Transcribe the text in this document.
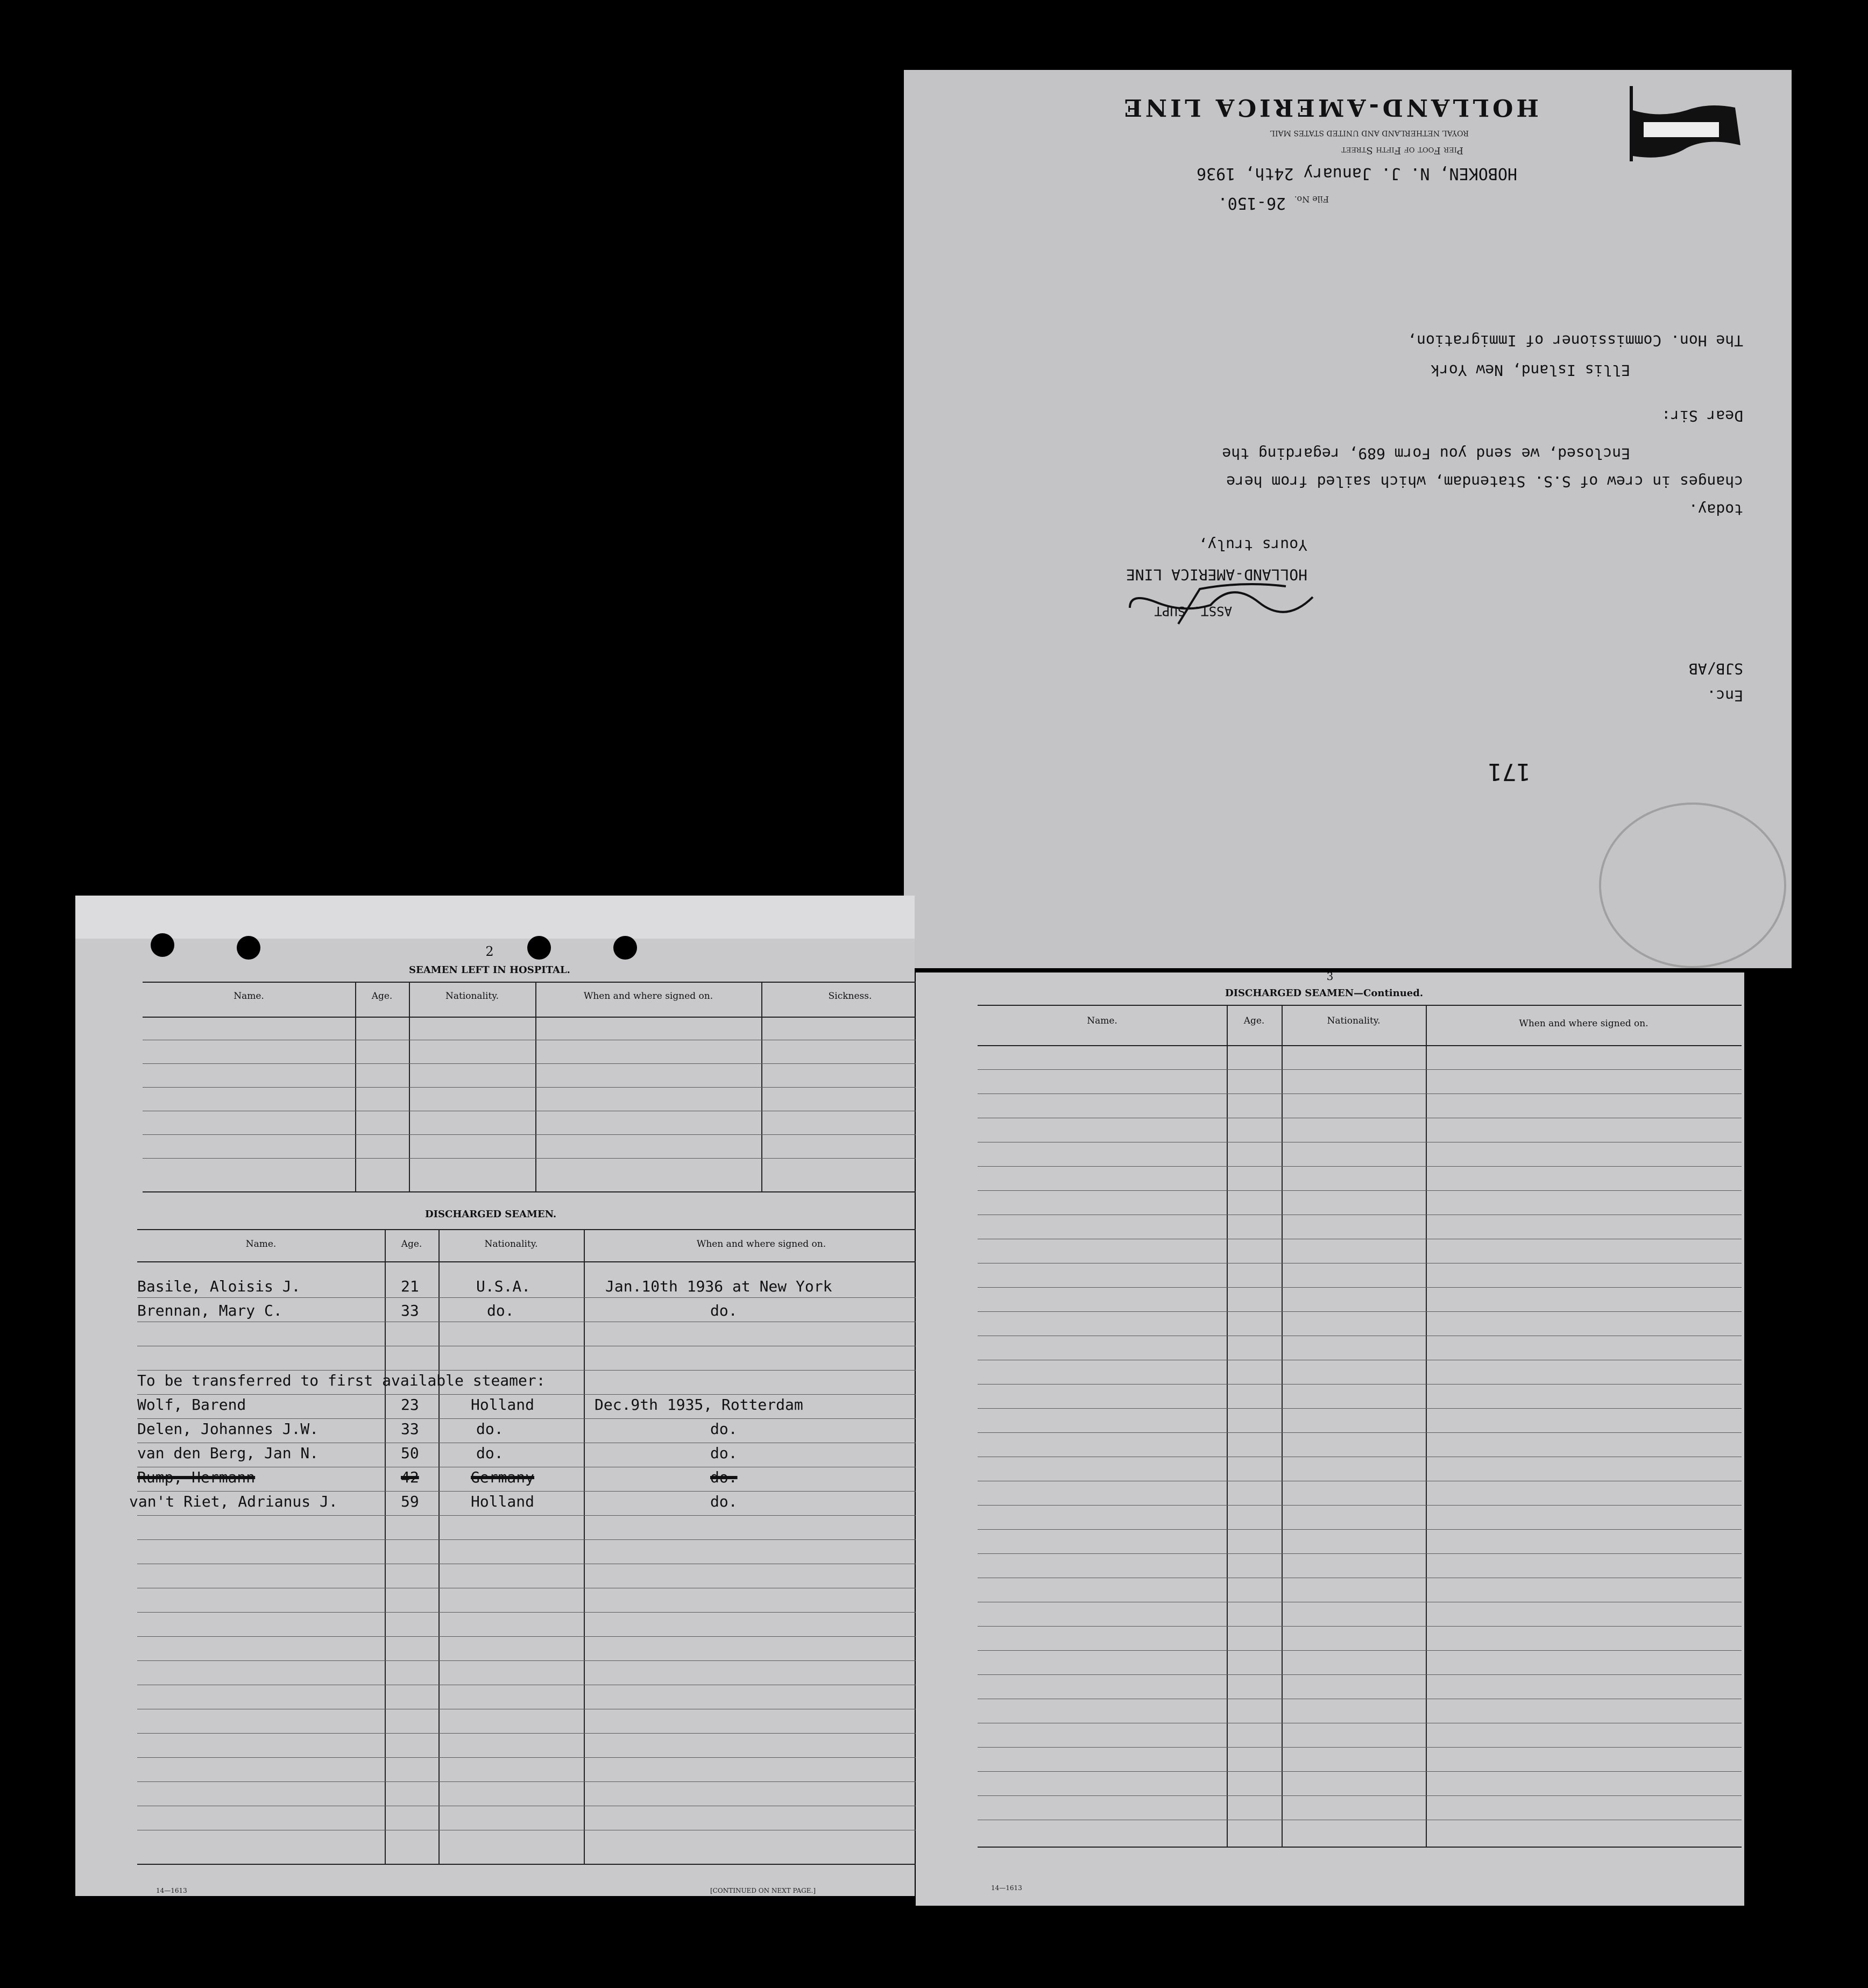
HOLLAND-AMERICA LINE
ROYAL NETHERLAND AND UNITED STATES MAIL
Pier Foot of Fifth Street
HOBOKEN, N. J. January 24th, 1936
File No.
26-150.
The Hon. Commissioner of Immigration,
Ellis Island, New York
Dear Sir:
Enclosed, we send you Form 689, regarding the
changes in crew of S.S. Statendam, which sailed from here
today.
Yours truly,
HOLLAND-AMERICA LINE
ASST. SUPT
SJB/AB
Enc.
171
2
SEAMEN LEFT IN HOSPITAL.
Name.	Age.	Nationality.	When and where signed on.	Sickness.
DISCHARGED SEAMEN.
Name.	Age.	Nationality.	When and where signed on.
Basile, Aloisis J.	21	U.S.A.	Jan.10th 1936 at New York
Brennan, Mary C.	33	do.	do.
To be transferred to first available steamer:
Wolf, Barend	23	Holland	Dec.9th 1935, Rotterdam
Delen, Johannes J.W.	33	do.	do.
van den Berg, Jan N.	50	do.	do.
Rump, Hermann	42	Germany	do.
van't Riet, Adrianus J.	59	Holland	do.
14—1613	[CONTINUED ON NEXT PAGE.]
3
DISCHARGED SEAMEN—Continued.
Name.	Age.	Nationality.	When and where signed on.
14—1613
